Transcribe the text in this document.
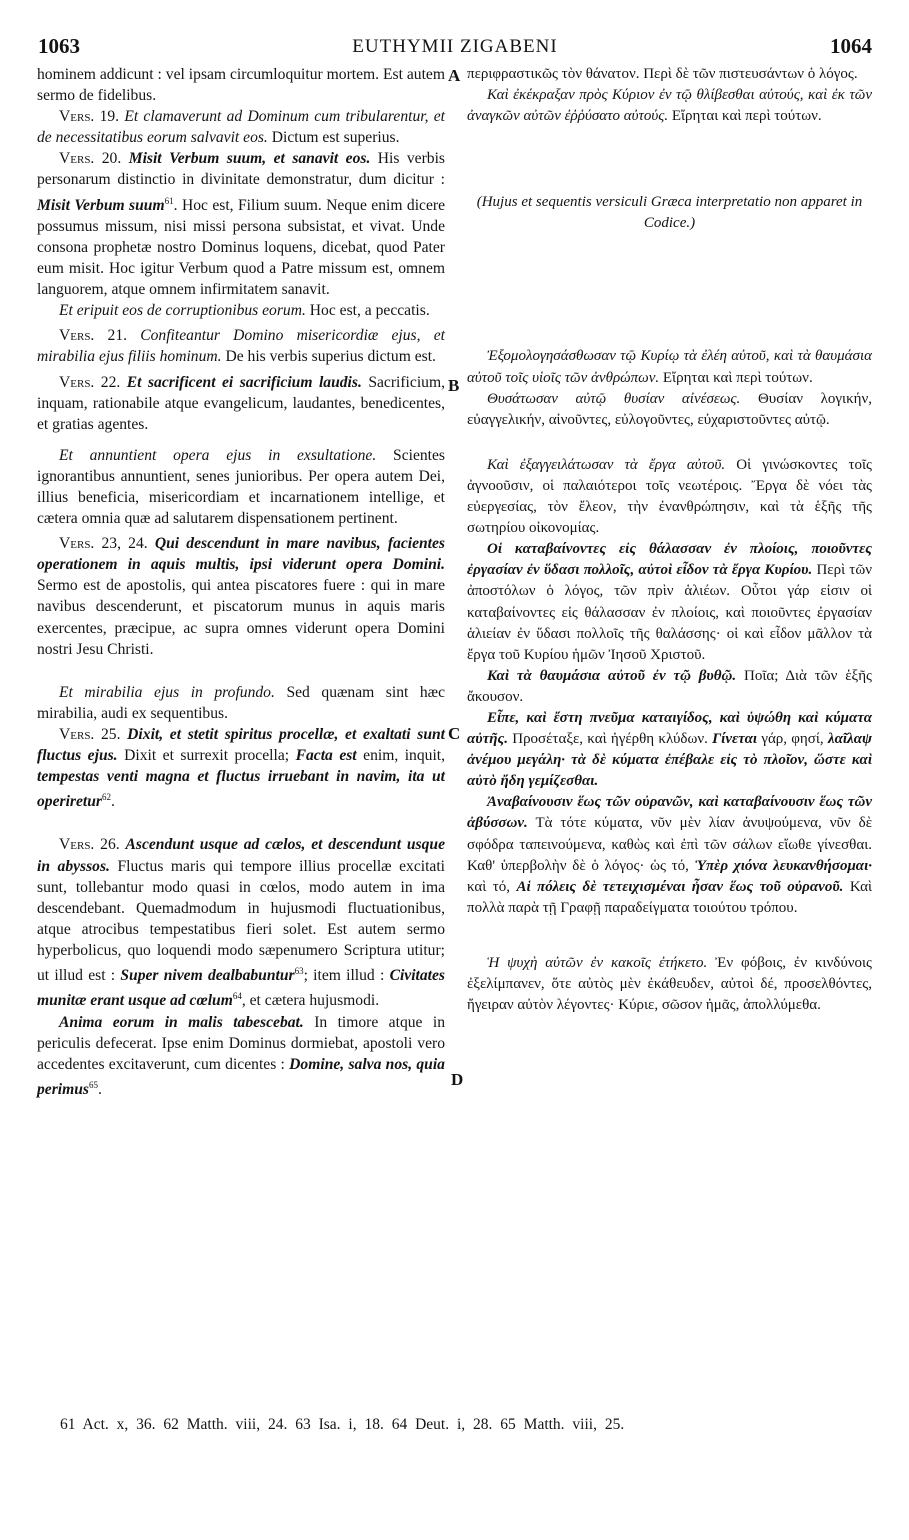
1063	EUTHYMII ZIGABENI	1064
A
B
C
D

hominem addicunt : vel ipsam circumloquitur mortem. Est autem sermo de fidelibus.

Vers. 19. Et clamaverunt ad Dominum cum tribularentur, et de necessitatibus eorum salvavit eos. Dictum est superius.

Vers. 20. Misit Verbum suum, et sanavit eos. His verbis personarum distinctio in divinitate demonstratur, dum dicitur : Misit Verbum suum$^{61}$. Hoc est, Filium suum. Neque enim dicere possumus missum, nisi missi persona subsistat, et vivat. Unde consona prophetæ nostro Dominus loquens, dicebat, quod Pater eum misit. Hoc igitur Verbum quod a Patre missum est, omnem languorem, atque omnem infirmitatem sanavit.

Et eripuit eos de corruptionibus eorum. Hoc est, a peccatis.

Vers. 21. Confiteantur Domino misericordiæ ejus, et mirabilia ejus filiis hominum. De his verbis superius dictum est.

Vers. 22. Et sacrificent ei sacrificium laudis. Sacrificium, inquam, rationabile atque evangelicum, laudantes, benedicentes, et gratias agentes.

Et annuntient opera ejus in exsultatione. Scientes ignorantibus annuntient, senes junioribus. Per opera autem Dei, illius beneficia, misericordiam et incarnationem intellige, et cætera omnia quæ ad salutarem dispensationem pertinent.

Vers. 23, 24. Qui descendunt in mare navibus, facientes operationem in aquis multis, ipsi viderunt opera Domini. Sermo est de apostolis, qui antea piscatores fuere : qui in mare navibus descenderunt, et piscatorum munus in aquis maris exercentes, præcipue, ac supra omnes viderunt opera Domini nostri Jesu Christi.

Et mirabilia ejus in profundo. Sed quænam sint hæc mirabilia, audi ex sequentibus.

Vers. 25. Dixit, et stetit spiritus procellæ, et exaltati sunt fluctus ejus. Dixit et surrexit procella; Facta est enim, inquit, tempestas venti magna et fluctus irruebant in navim, ita ut operiretur$^{62}$.

Vers. 26. Ascendunt usque ad cælos, et descendunt usque in abyssos. Fluctus maris qui tempore illius procellæ excitati sunt, tollebantur modo quasi in cœlos, modo autem in ima descendebant. Quemadmodum in hujusmodi fluctuationibus, atque atrocibus tempestatibus fieri solet. Est autem sermo hyperbolicus, quo loquendi modo sæpenumero Scriptura utitur; ut illud est : Super nivem dealbabuntur$^{63}$; item illud : Civitates munitæ erant usque ad cœlum$^{64}$, et cætera hujusmodi.

Anima eorum in malis tabescebat. In timore atque in periculis defecerat. Ipse enim Dominus dormiebat, apostoli vero accedentes excitaverunt, cum dicentes : Domine, salva nos, quia perimus$^{65}$.

περιφραστικῶς τὸν θάνατον. Περὶ δὲ τῶν πιστευσάντων ὁ λόγος.

Καὶ ἐκέκραξαν πρὸς Κύριον ἐν τῷ θλίβεσθαι αὐτούς, καὶ ἐκ τῶν ἀναγκῶν αὐτῶν ἐῤῥύσατο αὐτούς. Εἴρηται καὶ περὶ τούτων.

(Hujus et sequentis versiculi Græca interpretatio non apparet in Codice.)

Ἐξομολογησάσθωσαν τῷ Κυρίῳ τὰ ἐλέη αὐτοῦ, καὶ τὰ θαυμάσια αὐτοῦ τοῖς υἱοῖς τῶν ἀνθρώπων. Εἴρηται καὶ περὶ τούτων.

Θυσάτωσαν αὐτῷ θυσίαν αἰνέσεως. Θυσίαν λογικήν, εὐαγγελικήν, αἰνοῦντες, εὐλογοῦντες, εὐχαριστοῦντες αὐτῷ.

Καὶ ἐξαγγειλάτωσαν τὰ ἔργα αὐτοῦ. Οἱ γινώσκοντες τοῖς ἀγνοοῦσιν, οἱ παλαιότεροι τοῖς νεωτέροις. Ἔργα δὲ νόει τὰς εὐεργεσίας, τὸν ἔλεον, τὴν ἐνανθρώπησιν, καὶ τὰ ἑξῆς τῆς σωτηρίου οἰκονομίας.

Οἱ καταβαίνοντες εἰς θάλασσαν ἐν πλοίοις, ποιοῦντες ἐργασίαν ἐν ὕδασι πολλοῖς, αὐτοὶ εἶδον τὰ ἔργα Κυρίου. Περὶ τῶν ἀποστόλων ὁ λόγος, τῶν πρὶν ἁλιέων. Οὗτοι γάρ εἰσιν οἱ καταβαίνοντες εἰς θάλασσαν ἐν πλοίοις, καὶ ποιοῦντες ἐργασίαν ἁλιείαν ἐν ὕδασι πολλοῖς τῆς θαλάσσης· οἱ καὶ εἶδον μᾶλλον τὰ ἔργα τοῦ Κυρίου ἡμῶν Ἰησοῦ Χριστοῦ.

Καὶ τὰ θαυμάσια αὐτοῦ ἐν τῷ βυθῷ. Ποῖα; Διὰ τῶν ἑξῆς ἄκουσον.

Εἶπε, καὶ ἔστη πνεῦμα καταιγίδος, καὶ ὑψώθη καὶ κύματα αὐτῆς. Προσέταξε, καὶ ἠγέρθη κλύδων. Γίνεται γάρ, φησί, λαῖλαψ ἀνέμου μεγάλη· τὰ δὲ κύματα ἐπέβαλε εἰς τὸ πλοῖον, ὥστε καὶ αὐτὸ ἤδη γεμίζεσθαι.

Ἀναβαίνουσιν ἕως τῶν οὐρανῶν, καὶ καταβαίνουσιν ἕως τῶν ἀβύσσων. Τὰ τότε κύματα, νῦν μὲν λίαν ἀνυψούμενα, νῦν δὲ σφόδρα ταπεινούμενα, καθὼς καὶ ἐπὶ τῶν σάλων εἴωθε γίνεσθαι. Καθ' ὑπερβολὴν δὲ ὁ λόγος· ὡς τό, Ὑπὲρ χιόνα λευκανθήσομαι· καὶ τό, Αἱ πόλεις δὲ τετειχισμέναι ἦσαν ἕως τοῦ οὐρανοῦ. Καὶ πολλὰ παρὰ τῇ Γραφῇ παραδείγματα τοιούτου τρόπου.

Ἡ ψυχὴ αὐτῶν ἐν κακοῖς ἐτήκετο. Ἐν φόβοις, ἐν κινδύνοις ἐξελίμπανεν, ὅτε αὐτὸς μὲν ἐκάθευδεν, αὐτοὶ δέ, προσελθόντες, ἤγειραν αὐτὸν λέγοντες· Κύριε, σῶσον ἡμᾶς, ἀπολλύμεθα.

61 Act. x, 36. 62 Matth. viii, 24. 63 Isa. i, 18. 64 Deut. i, 28. 65 Matth. viii, 25.
